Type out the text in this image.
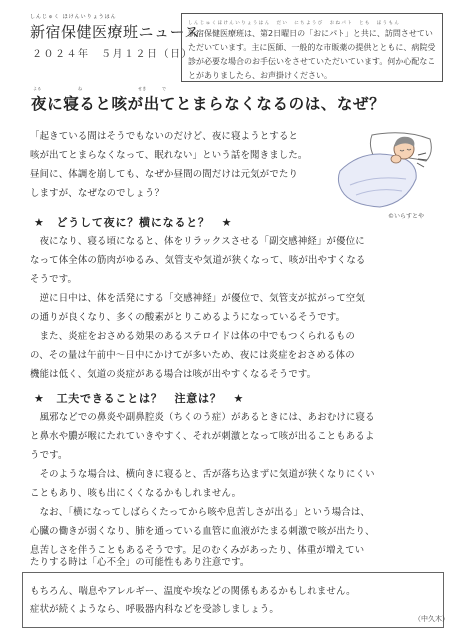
しんじゅく ほけんいりょうはん
新宿保健医療班ニュース
２０２４年　５月１２日（日）
しんじゅくほけんいりょうはん　だい　にちようび　おねパト　とも　ほうもん
新宿保健医療班は、第2日曜日の「おにパト」と共に、訪問させていただいています。主に医師、一般的な市販薬の提供とともに、病院受診が必要な場合のお手伝いをさせていただいています。何か心配なことがありましたら、お声掛けください。
よる	ね	せき	で
夜に寝ると咳が出てとまらなくなるのは、なぜ？
「起きている間はそうでもないのだけど、夜に寝ようとすると
咳が出てとまらなくなって、眠れない」という話を聞きました。
昼间に、体調を崩しても、なぜか昼間の間だけは元気がでたり
しますが、なぜなのでしょう？
©いらすとや
★　どうして夜に？横になると？　★
　夜になり、寝る頃になると、体をリラックスさせる「副交感神経」が優位に
なって体全体の筋肉がゆるみ、気管支や気道が狭くなって、咳が出やすくなる
そうです。
　逆に日中は、体を活発にする「交感神経」が優位で、気管支が拡がって空気
の通りが良くなり、多くの酸素がとりこめるようになっているそうです。
　また、炎症をおさめる効果のあるステロイドは体の中でもつくられるもの
の、その量は午前中〜日中にかけてが多いため、夜には炎症をおさめる体の
機能は低く、気道の炎症がある場合は咳が出やすくなるそうです。
★　工夫できることは？　注意は？　★
　風邪などでの鼻炎や副鼻腔炎（ちくのう症）があるときには、あおむけに寝る
と鼻水や膿が喉にたれていきやすく、それが刺激となって咳が出ることもあるよ
うです。
　そのような場合は、横向きに寝ると、舌が落ち込まずに気道が狭くなりにくい
こともあり、咳も出にくくなるかもしれません。
　なお、「横になってしばらくたってから咳や息苦しさが出る」という場合は、
心臓の働きが弱くなり、肺を通っている血管に血液がたまる刺激で咳が出たり、
息苦しさを伴うこともあるそうです。足のむくみがあったり、体重が増えてい
たりする時は「心不全」の可能性もあり注意です。
もちろん、喘息やアレルギー、温度や埃などの関係もあるかもしれません。
症状が続くようなら、呼吸器内科などを受診しましょう。
（中久木）
